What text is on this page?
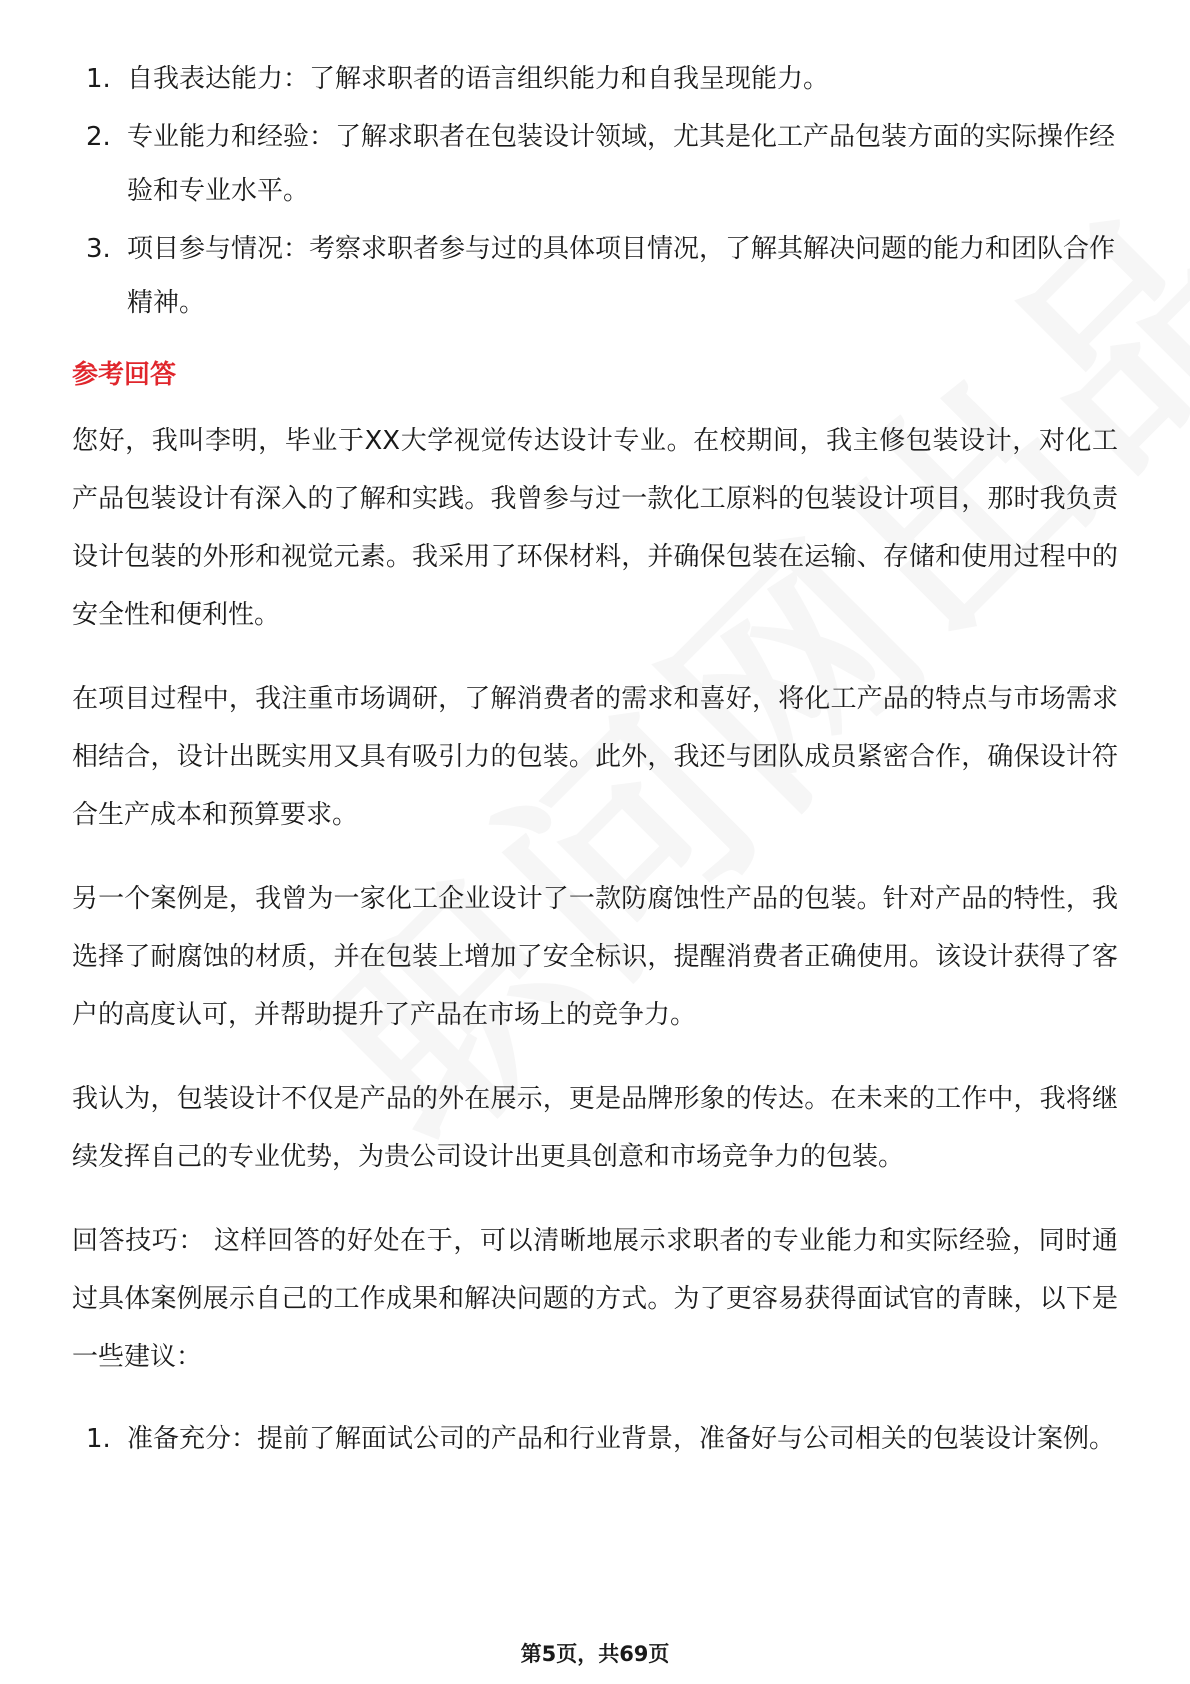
1. 自我表达能力：了解求职者的语言组织能力和自我呈现能力。
2. 专业能力和经验：了解求职者在包装设计领域，尤其是化工产品包装方面的实际操作经验和专业水平。
3. 项目参与情况：考察求职者参与过的具体项目情况，了解其解决问题的能力和团队合作精神。
参考回答

您好，我叫李明，毕业于XX大学视觉传达设计专业。在校期间，我主修包装设计，对化工产品包装设计有深入的了解和实践。我曾参与过一款化工原料的包装设计项目，那时我负责设计包装的外形和视觉元素。我采用了环保材料，并确保包装在运输、存储和使用过程中的安全性和便利性。

在项目过程中，我注重市场调研，了解消费者的需求和喜好，将化工产品的特点与市场需求相结合，设计出既实用又具有吸引力的包装。此外，我还与团队成员紧密合作，确保设计符合生产成本和预算要求。

另一个案例是，我曾为一家化工企业设计了一款防腐蚀性产品的包装。针对产品的特性，我选择了耐腐蚀的材质，并在包装上增加了安全标识，提醒消费者正确使用。该设计获得了客户的高度认可，并帮助提升了产品在市场上的竞争力。

我认为，包装设计不仅是产品的外在展示，更是品牌形象的传达。在未来的工作中，我将继续发挥自己的专业优势，为贵公司设计出更具创意和市场竞争力的包装。

回答技巧： 这样回答的好处在于，可以清晰地展示求职者的专业能力和实际经验，同时通过具体案例展示自己的工作成果和解决问题的方式。为了更容易获得面试官的青睐，以下是一些建议：

1. 准备充分：提前了解面试公司的产品和行业背景，准备好与公司相关的包装设计案例。
第5页，共69页
